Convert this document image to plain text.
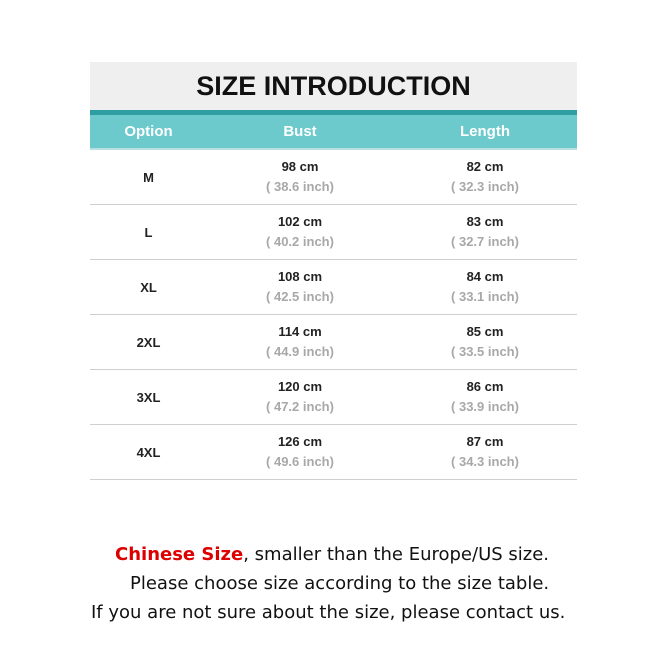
SIZE INTRODUCTION
Option	Bust	Length
M
98 cm
( 38.6 inch)
82 cm
( 32.3 inch)
L
102 cm
( 40.2 inch)
83 cm
( 32.7 inch)
XL
108 cm
( 42.5 inch)
84 cm
( 33.1 inch)
2XL
114 cm
( 44.9 inch)
85 cm
( 33.5 inch)
3XL
120 cm
( 47.2 inch)
86 cm
( 33.9 inch)
4XL
126 cm
( 49.6 inch)
87 cm
( 34.3 inch)
Chinese Size, smaller than the Europe/US size.
Please choose size according to the size table.
If you are not sure about the size, please contact us.
